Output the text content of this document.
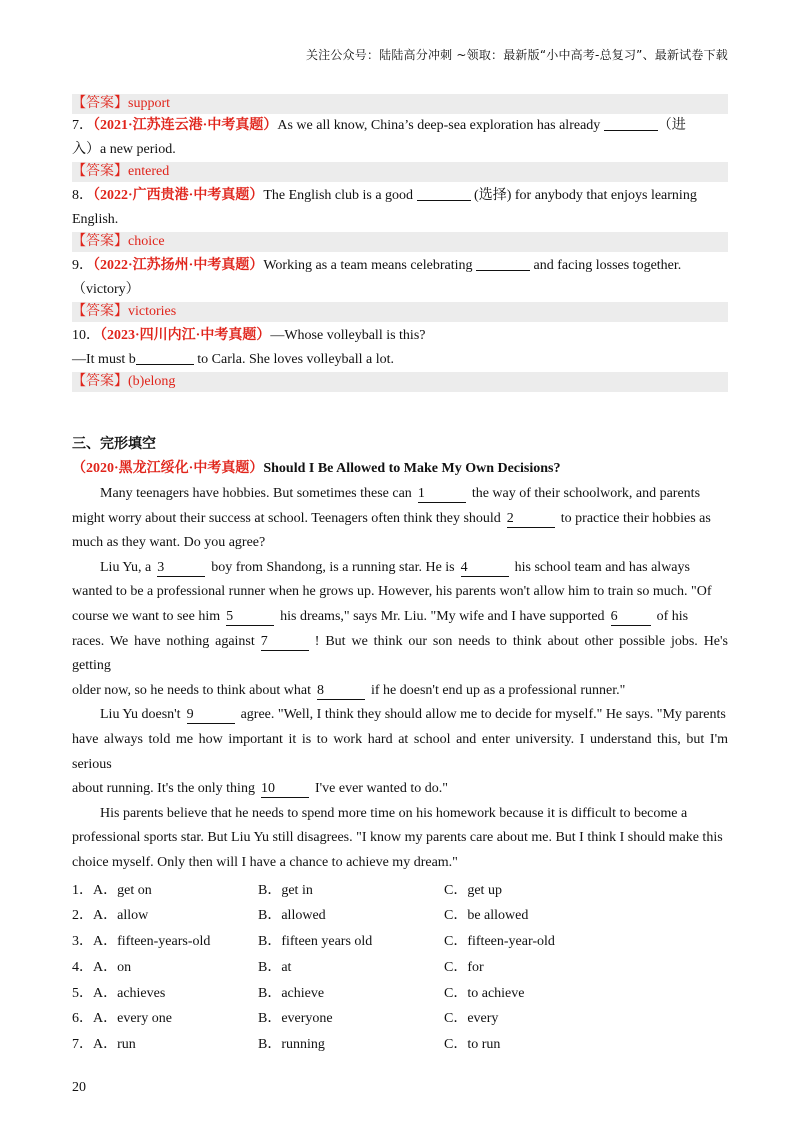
关注公众号：陆陆高分冲刺 ~领取：最新版“小中高考-总复习”、最新试卷下载
【答案】support
7．（2021·江苏连云港·中考真题）As we all know, China’s deep-sea exploration has already	（进
入）a new period.
【答案】entered
8．（2022·广西贵港·中考真题）The English club is a good	(选择) for anybody that enjoys learning
English.
【答案】choice
9．（2022·江苏扬州·中考真题）Working as a team means celebrating	and facing losses together.
（victory）
【答案】victories
10．（2023·四川内江·中考真题）—Whose volleyball is this?
—It must b	to Carla. She loves volleyball a lot.
【答案】(b)elong
三、完形填空
（2020·黑龙江绥化·中考真题）Should I Be Allowed to Make My Own Decisions?
Many teenagers have hobbies. But sometimes these can 1	the way of their schoolwork, and parents
might worry about their success at school. Teenagers often think they should 2	to practice their hobbies as
much as they want. Do you agree?
Liu Yu, a 3	boy from Shandong, is a running star. He is 4	his school team and has always
wanted to be a professional runner when he grows up. However, his parents won't allow him to train so much. "Of
course we want to see him 5	his dreams," says Mr. Liu. "My wife and I have supported 6	of his
races. We have nothing against 7	! But we think our son needs to think about other possible jobs. He's getting
older now, so he needs to think about what 8	if he doesn't end up as a professional runner."
Liu Yu doesn't 9	agree. "Well, I think they should allow me to decide for myself." He says. "My parents
have always told me how important it is to work hard at school and enter university. I understand this, but I'm serious
about running. It's the only thing 10	I've ever wanted to do."
His parents believe that he needs to spend more time on his homework because it is difficult to become a
professional sports star. But Liu Yu still disagrees. "I know my parents care about me. But I think I should make this
choice myself. Only then will I have a chance to achieve my dream."
1．A．get on	B．get in	C．get up
2．A．allow	B．allowed	C．be allowed
3．A．fifteen-years-old	B．fifteen years old	C．fifteen-year-old
4．A．on	B．at	C．for
5．A．achieves	B．achieve	C．to achieve
6．A．every one	B．everyone	C．every
7．A．run	B．running	C．to run
20
